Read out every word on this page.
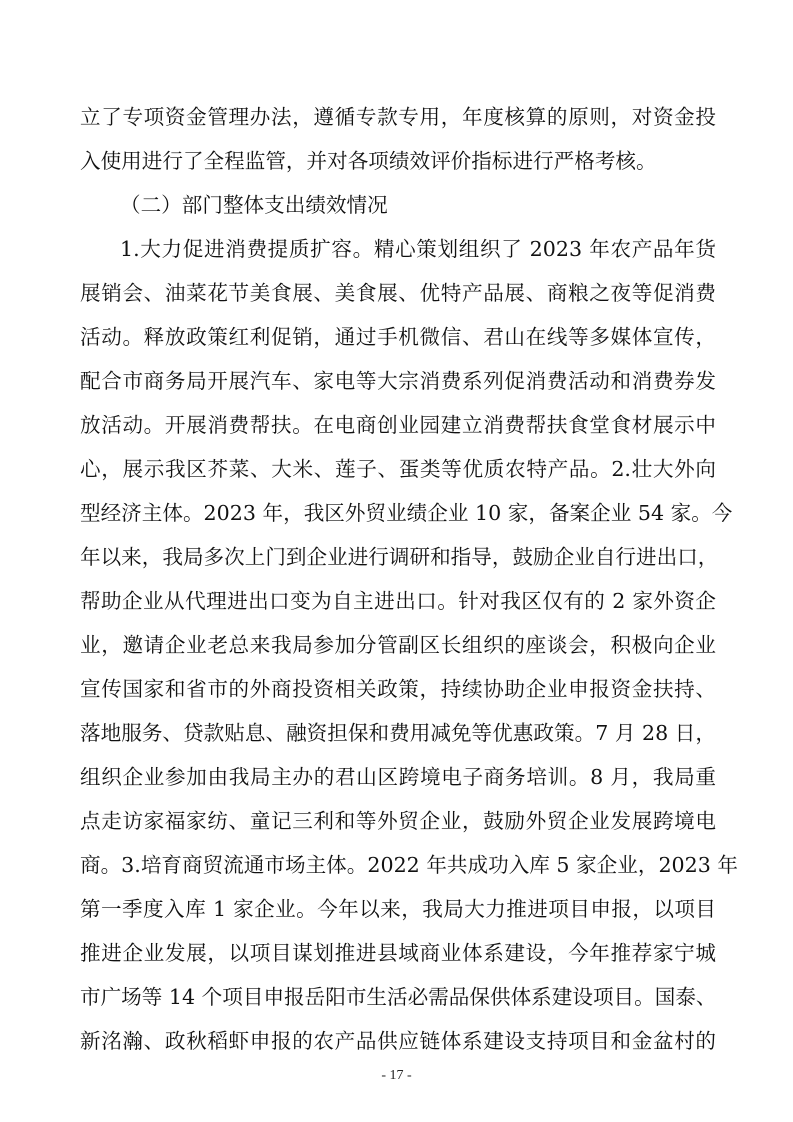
立了专项资金管理办法，遵循专款专用，年度核算的原则，对资金投
入使用进行了全程监管，并对各项绩效评价指标进行严格考核。
（二）部门整体支出绩效情况
1.大力促进消费提质扩容。精心策划组织了 2023 年农产品年货
展销会、油菜花节美食展、美食展、优特产品展、商粮之夜等促消费
活动。释放政策红利促销，通过手机微信、君山在线等多媒体宣传，
配合市商务局开展汽车、家电等大宗消费系列促消费活动和消费券发
放活动。开展消费帮扶。在电商创业园建立消费帮扶食堂食材展示中
心，展示我区芥菜、大米、莲子、蛋类等优质农特产品。2.壮大外向
型经济主体。2023 年，我区外贸业绩企业 10 家，备案企业 54 家。今
年以来，我局多次上门到企业进行调研和指导，鼓励企业自行进出口，
帮助企业从代理进出口变为自主进出口。针对我区仅有的 2 家外资企
业，邀请企业老总来我局参加分管副区长组织的座谈会，积极向企业
宣传国家和省市的外商投资相关政策，持续协助企业申报资金扶持、
落地服务、贷款贴息、融资担保和费用减免等优惠政策。7 月 28 日，
组织企业参加由我局主办的君山区跨境电子商务培训。8 月，我局重
点走访家福家纺、童记三利和等外贸企业，鼓励外贸企业发展跨境电
商。3.培育商贸流通市场主体。2022 年共成功入库 5 家企业，2023 年
第一季度入库 1 家企业。今年以来，我局大力推进项目申报，以项目
推进企业发展，以项目谋划推进县域商业体系建设，今年推荐家宁城
市广场等 14 个项目申报岳阳市生活必需品保供体系建设项目。国泰、
新洺瀚、政秋稻虾申报的农产品供应链体系建设支持项目和金盆村的
- 17 -
